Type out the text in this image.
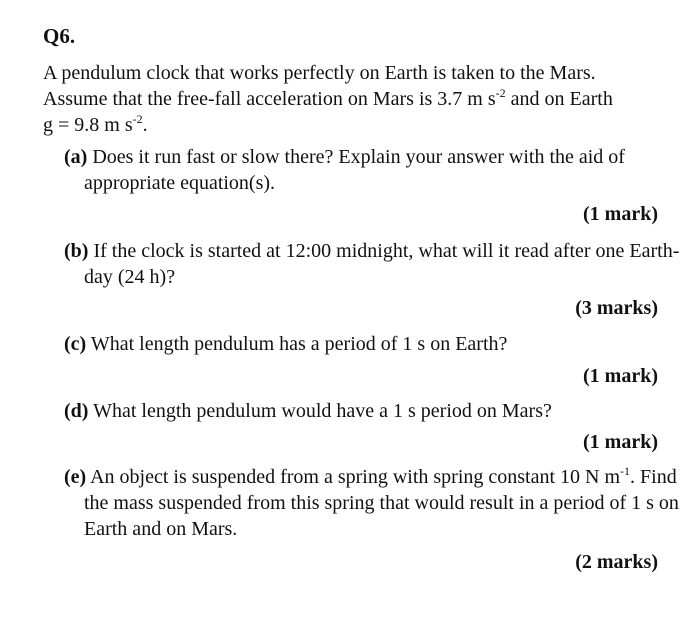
Q6.

A pendulum clock that works perfectly on Earth is taken to the Mars.
Assume that the free-fall acceleration on Mars is 3.7 m $s^{-2}$ and on Earth
g = 9.8 m $s^{-2}$.

(a) Does it run fast or slow there? Explain your answer with the aid of appropriate equation(s).

(1 mark)

(b) If the clock is started at 12:00 midnight, what will it read after one Earth-day (24 h)?

(3 marks)

(c) What length pendulum has a period of 1 s on Earth?

(1 mark)

(d) What length pendulum would have a 1 s period on Mars?

(1 mark)

(e) An object is suspended from a spring with spring constant 10 N $m^{-1}$. Find the mass suspended from this spring that would result in a period of 1 s on Earth and on Mars.

(2 marks)
